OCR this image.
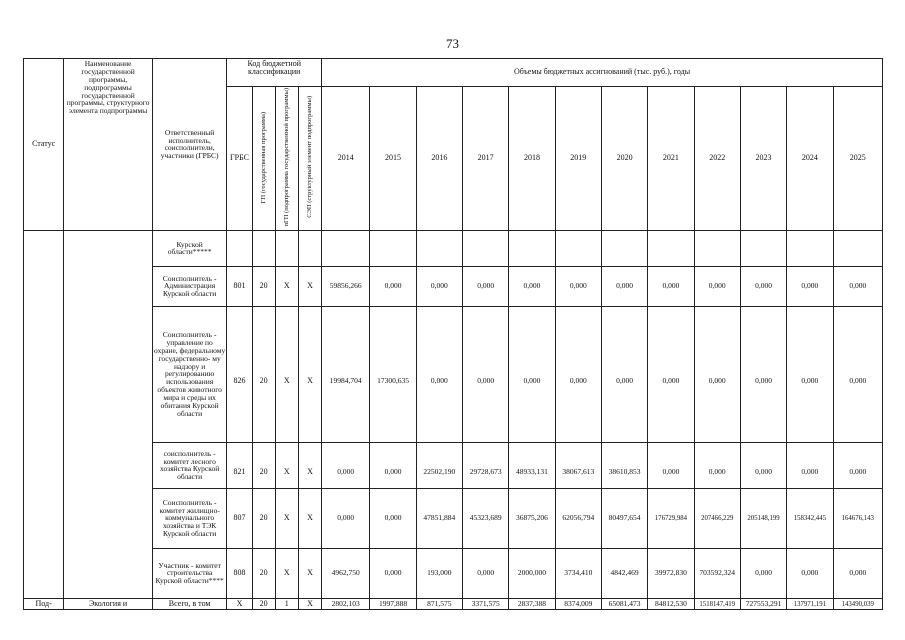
73
Статус	Наименование государственной программы, подпрограммы государственной программы, структурного элемента подпрограммы	Ответственный исполнитель, соисполнители, участники (ГРБС)	Код бюджетной классификации				Объемы бюджетных ассигнований (тыс. руб.), годы											
			ГРБС	ГП (государственная программа)	пГП (подпрограмма государственной программы)	СЭП (структурный элемент подпрограммы)	2014	2015	2016	2017	2018	2019	2020	2021	2022	2023	2024	2025
		Курской области*****																
		Соисполнитель - Администрация Курской области	801	20	Х	Х	59856,266	0,000	0,000	0,000	0,000	0,000	0,000	0,000	0,000	0,000	0,000	0,000
		Соисполнитель - управление по охране, федеральному государственно- му надзору и регулированию использования объектов животного мира и среды их обитания Курской области	826	20	Х	Х	19984,704	17300,635	0,000	0,000	0,000	0,000	0,000	0,000	0,000	0,000	0,000	0,000
		соисполнитель - комитет лесного хозяйства Курской области	821	20	Х	Х	0,000	0,000	22502,190	29728,673	48933,131	38067,613	38610,853	0,000	0,000	0,000	0,000	0,000
		Соисполнитель - комитет жилищно-коммунального хозяйства и ТЭК Курской области	807	20	Х	Х	0,000	0,000	47851,884	45323,689	36875,206	62056,794	80497,654	176729,984	207466,229	205148,199	158342,445	164676,143
		Участник - комитет строительства Курской области****	808	20	Х	Х	4962,750	0,000	193,000	0,000	2000,000	3734,410	4842,469	39972,830	703592,324	0,000	0,000	0,000
Под-	Экология и	Всего, в том	Х	20	1	Х	2802,103	1997,888	871,575	3371,575	2837,388	8374,009	65081,473	84812,530	1518147,419	727553,291	137971,191	143490,039
